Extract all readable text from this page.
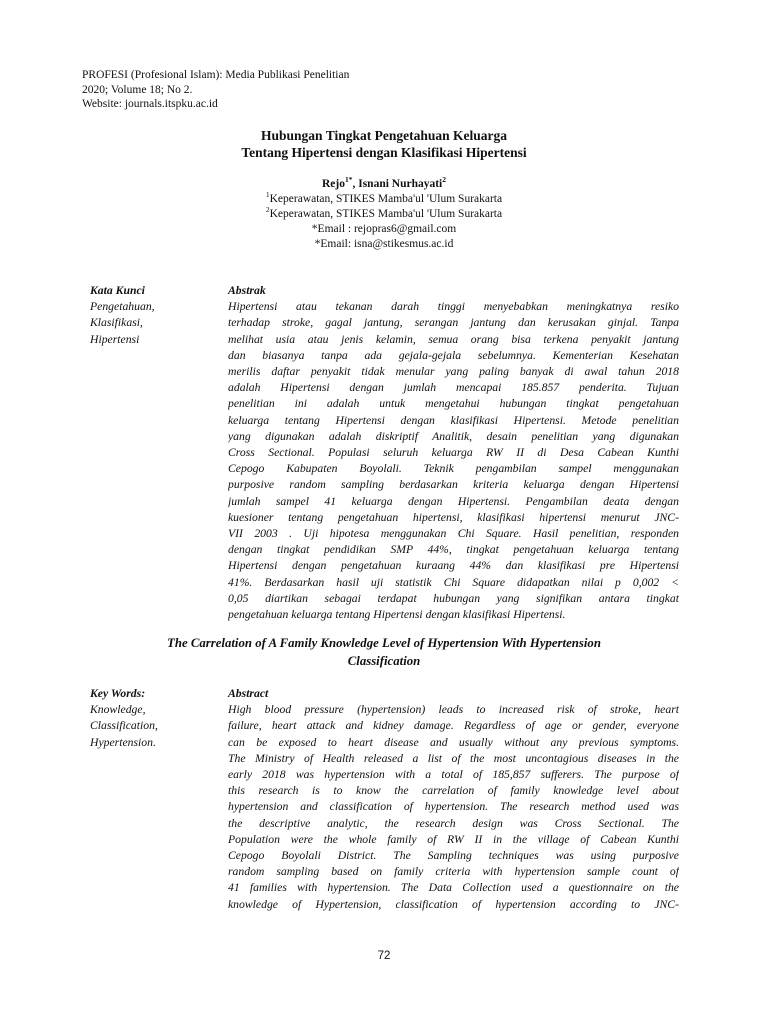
PROFESI (Profesional Islam): Media Publikasi Penelitian
2020; Volume 18; No 2.
Website: journals.itspku.ac.id
Hubungan Tingkat Pengetahuan Keluarga
Tentang Hipertensi dengan Klasifikasi Hipertensi
Rejo$^{1*}$, Isnani Nurhayati$^2$
$^1$Keperawatan, STIKES Mamba'ul 'Ulum Surakarta
$^2$Keperawatan, STIKES Mamba'ul 'Ulum Surakarta
*Email : rejopras6@gmail.com
*Email: isna@stikesmus.ac.id
Kata Kunci
Pengetahuan,
Klasifikasi,
Hipertensi
Abstrak
Hipertensi atau tekanan darah tinggi menyebabkan meningkatnya resiko
terhadap stroke, gagal jantung, serangan jantung dan kerusakan ginjal. Tanpa
melihat usia atau jenis kelamin, semua orang bisa terkena penyakit jantung
dan biasanya tanpa ada gejala-gejala sebelumnya. Kementerian Kesehatan
merilis daftar penyakit tidak menular yang paling banyak di awal tahun 2018
adalah Hipertensi dengan jumlah mencapai 185.857 penderita. Tujuan
penelitian ini adalah untuk mengetahui hubungan tingkat pengetahuan
keluarga tentang Hipertensi dengan klasifikasi Hipertensi. Metode penelitian
yang digunakan adalah diskriptif Analitik, desain penelitian yang digunakan
Cross Sectional. Populasi seluruh keluarga RW II di Desa Cabean Kunthi
Cepogo Kabupaten Boyolali. Teknik pengambilan sampel menggunakan
purposive random sampling berdasarkan kriteria keluarga dengan Hipertensi
jumlah sampel 41 keluarga dengan Hipertensi. Pengambilan deata dengan
kuesioner tentang pengetahuan hipertensi, klasifikasi hipertensi menurut JNC-
VII 2003 . Uji hipotesa menggunakan Chi Square. Hasil penelitian, responden
dengan tingkat pendidikan SMP 44%, tingkat pengetahuan keluarga tentang
Hipertensi dengan pengetahuan kuraang 44% dan klasifikasi pre Hipertensi
41%. Berdasarkan hasil uji statistik Chi Square didapatkan nilai p 0,002 <
0,05 diartikan sebagai terdapat hubungan yang signifikan antara tingkat
pengetahuan keluarga tentang Hipertensi dengan klasifikasi Hipertensi.
The Carrelation of A Family Knowledge Level of Hypertension With Hypertension
Classification
Key Words:
Knowledge,
Classification,
Hypertension.
Abstract
High blood pressure (hypertension) leads to increased risk of stroke, heart
failure, heart attack and kidney damage. Regardless of age or gender, everyone
can be exposed to heart disease and usually without any previous symptoms.
The Ministry of Health released a list of the most uncontagious diseases in the
early 2018 was hypertension with a total of 185,857 sufferers. The purpose of
this research is to know the carrelation of family knowledge level about
hypertension and classification of hypertension. The research method used was
the descriptive analytic, the research design was Cross Sectional. The
Population were the whole family of RW II in the village of Cabean Kunthi
Cepogo Boyolali District. The Sampling techniques was using purposive
random sampling based on family criteria with hypertension sample count of
41 families with hypertension. The Data Collection used a questionnaire on the
knowledge of Hypertension, classification of hypertension according to JNC-
72
